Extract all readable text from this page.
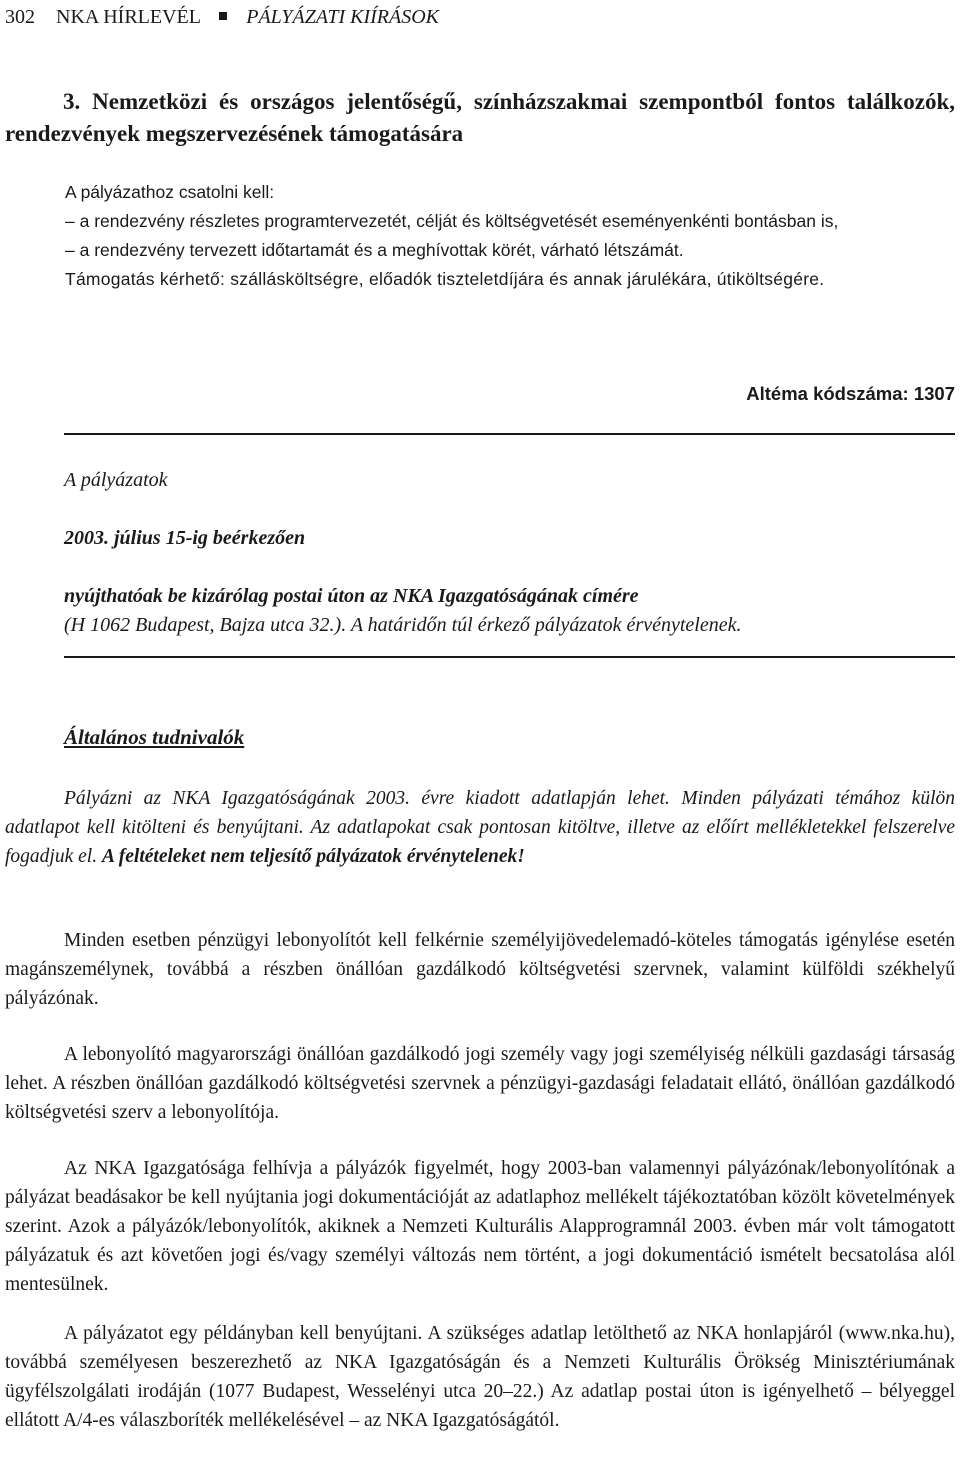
302 NKA HÍRLEVÉL PÁLYÁZATI KIÍRÁSOK
3. Nemzetközi és országos jelentőségű, színházszakmai szempontból fontos találkozók, rendezvények megszervezésének támogatására

A pályázathoz csatolni kell:

– a rendezvény részletes programtervezetét, célját és költségvetését eseményenkénti bontásban is,

– a rendezvény tervezett időtartamát és a meghívottak körét, várható létszámát.

Támogatás kérhető: szállásköltségre, előadók tiszteletdíjára és annak járulékára, útiköltségére.

Altéma kódszáma: 1307
A pályázatok
2003. július 15-ig beérkezően
nyújthatóak be kizárólag postai úton az NKA Igazgatóságának címére
(H 1062 Budapest, Bajza utca 32.). A határidőn túl érkező pályázatok érvénytelenek.
Általános tudnivalók

Pályázni az NKA Igazgatóságának 2003. évre kiadott adatlapján lehet. Minden pályázati témához külön adatlapot kell kitölteni és benyújtani. Az adatlapokat csak pontosan kitöltve, illetve az előírt mellékletekkel felszerelve fogadjuk el. A feltételeket nem teljesítő pályázatok érvénytelenek!

Minden esetben pénzügyi lebonyolítót kell felkérnie személyijövedelemadó-köteles támogatás igénylése esetén magánszemélynek, továbbá a részben önállóan gazdálkodó költségvetési szervnek, valamint külföldi székhelyű pályázónak.

A lebonyolító magyarországi önállóan gazdálkodó jogi személy vagy jogi személyiség nélküli gazdasági társaság lehet. A részben önállóan gazdálkodó költségvetési szervnek a pénzügyi-gazdasági feladatait ellátó, önállóan gazdálkodó költségvetési szerv a lebonyolítója.

Az NKA Igazgatósága felhívja a pályázók figyelmét, hogy 2003-ban valamennyi pályázónak/lebonyolítónak a pályázat beadásakor be kell nyújtania jogi dokumentációját az adatlaphoz mellékelt tájékoztatóban közölt követelmények szerint. Azok a pályázók/lebonyolítók, akiknek a Nemzeti Kulturális Alapprogramnál 2003. évben már volt támogatott pályázatuk és azt követően jogi és/vagy személyi változás nem történt, a jogi dokumentáció ismételt becsatolása alól mentesülnek.

A pályázatot egy példányban kell benyújtani. A szükséges adatlap letölthető az NKA honlapjáról (www.nka.hu), továbbá személyesen beszerezhető az NKA Igazgatóságán és a Nemzeti Kulturális Örökség Minisztériumának ügyfélszolgálati irodáján (1077 Budapest, Wesselényi utca 20–22.) Az adatlap postai úton is igényelhető – bélyeggel ellátott A/4-es válaszboríték mellékelésével – az NKA Igazgatóságától.
